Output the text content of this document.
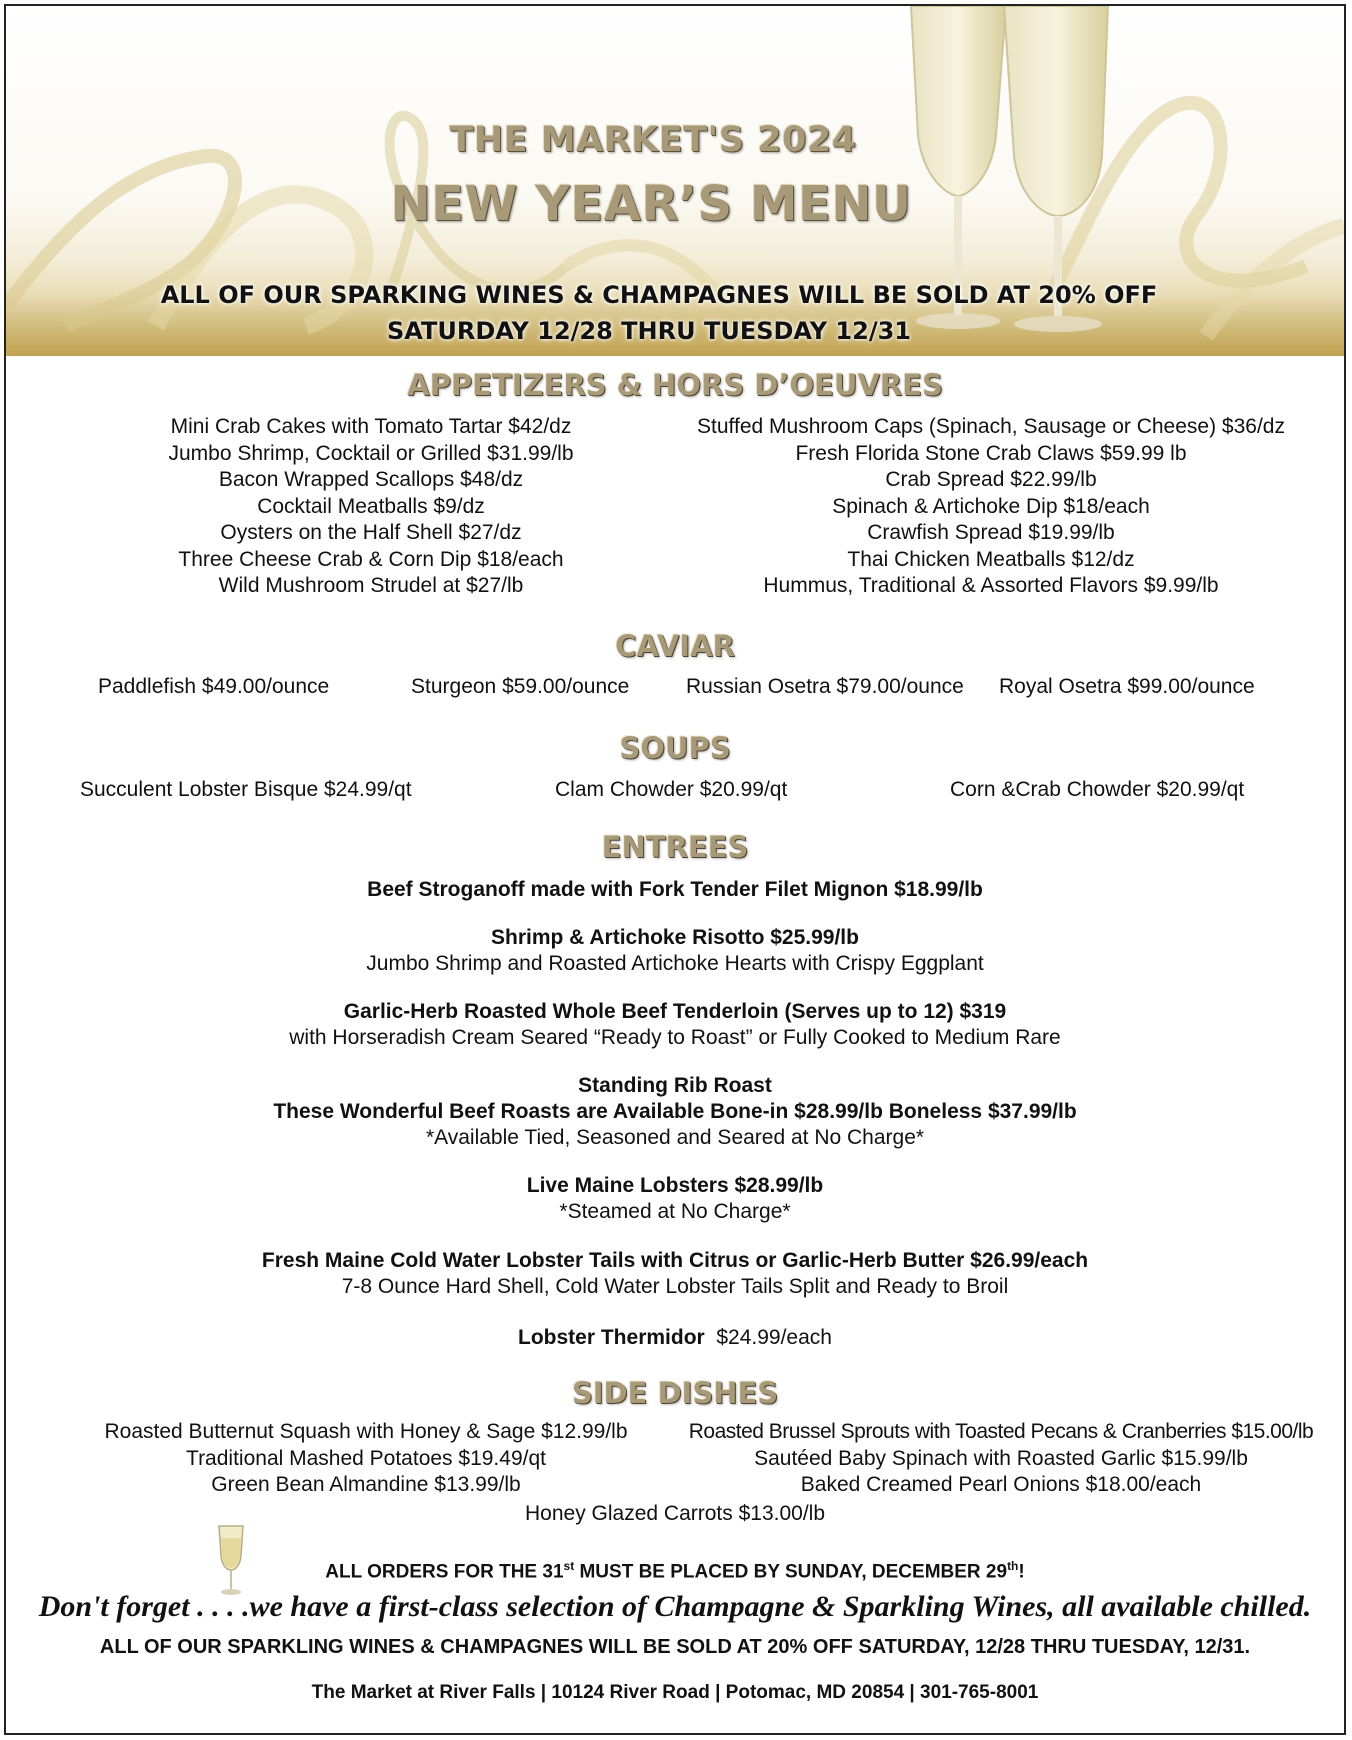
THE MARKET'S 2024
NEW YEAR’S MENU
ALL OF OUR SPARKING WINES & CHAMPAGNES WILL BE SOLD AT 20% OFF
SATURDAY 12/28 THRU TUESDAY 12/31
APPETIZERS & HORS D’OEUVRES
Mini Crab Cakes with Tomato Tartar $42/dz
Jumbo Shrimp, Cocktail or Grilled $31.99/lb
Bacon Wrapped Scallops $48/dz
Cocktail Meatballs $9/dz
Oysters on the Half Shell $27/dz
Three Cheese Crab & Corn Dip $18/each
Wild Mushroom Strudel at $27/lb
Stuffed Mushroom Caps (Spinach, Sausage or Cheese) $36/dz
Fresh Florida Stone Crab Claws $59.99 lb
Crab Spread $22.99/lb
Spinach & Artichoke Dip $18/each
Crawfish Spread $19.99/lb
Thai Chicken Meatballs $12/dz
Hummus, Traditional & Assorted Flavors $9.99/lb
CAVIAR
Paddlefish $49.00/ounce	Sturgeon $59.00/ounce	Russian Osetra $79.00/ounce Royal Osetra $99.00/ounce
SOUPS
Succulent Lobster Bisque $24.99/qt	Clam Chowder $20.99/qt	Corn &Crab Chowder $20.99/qt
ENTREES
Beef Stroganoff made with Fork Tender Filet Mignon $18.99/lb
Shrimp & Artichoke Risotto $25.99/lb
Jumbo Shrimp and Roasted Artichoke Hearts with Crispy Eggplant
Garlic-Herb Roasted Whole Beef Tenderloin (Serves up to 12) $319
with Horseradish Cream Seared “Ready to Roast” or Fully Cooked to Medium Rare
Standing Rib Roast
These Wonderful Beef Roasts are Available Bone-in $28.99/lb Boneless $37.99/lb
*Available Tied, Seasoned and Seared at No Charge*
Live Maine Lobsters $28.99/lb
*Steamed at No Charge*
Fresh Maine Cold Water Lobster Tails with Citrus or Garlic-Herb Butter $26.99/each
7-8 Ounce Hard Shell, Cold Water Lobster Tails Split and Ready to Broil
Lobster Thermidor  $24.99/each
SIDE DISHES
Roasted Butternut Squash with Honey & Sage $12.99/lb
Traditional Mashed Potatoes $19.49/qt
Green Bean Almandine $13.99/lb
Roasted Brussel Sprouts with Toasted Pecans & Cranberries $15.00/lb
Sautéed Baby Spinach with Roasted Garlic $15.99/lb
Baked Creamed Pearl Onions $18.00/each
Honey Glazed Carrots $13.00/lb
ALL ORDERS FOR THE 31st MUST BE PLACED BY SUNDAY, DECEMBER 29th!
Don't forget . . . .we have a first-class selection of Champagne & Sparkling Wines, all available chilled.
ALL OF OUR SPARKLING WINES & CHAMPAGNES WILL BE SOLD AT 20% OFF SATURDAY, 12/28 THRU TUESDAY, 12/31.
The Market at River Falls | 10124 River Road | Potomac, MD 20854 | 301-765-8001
